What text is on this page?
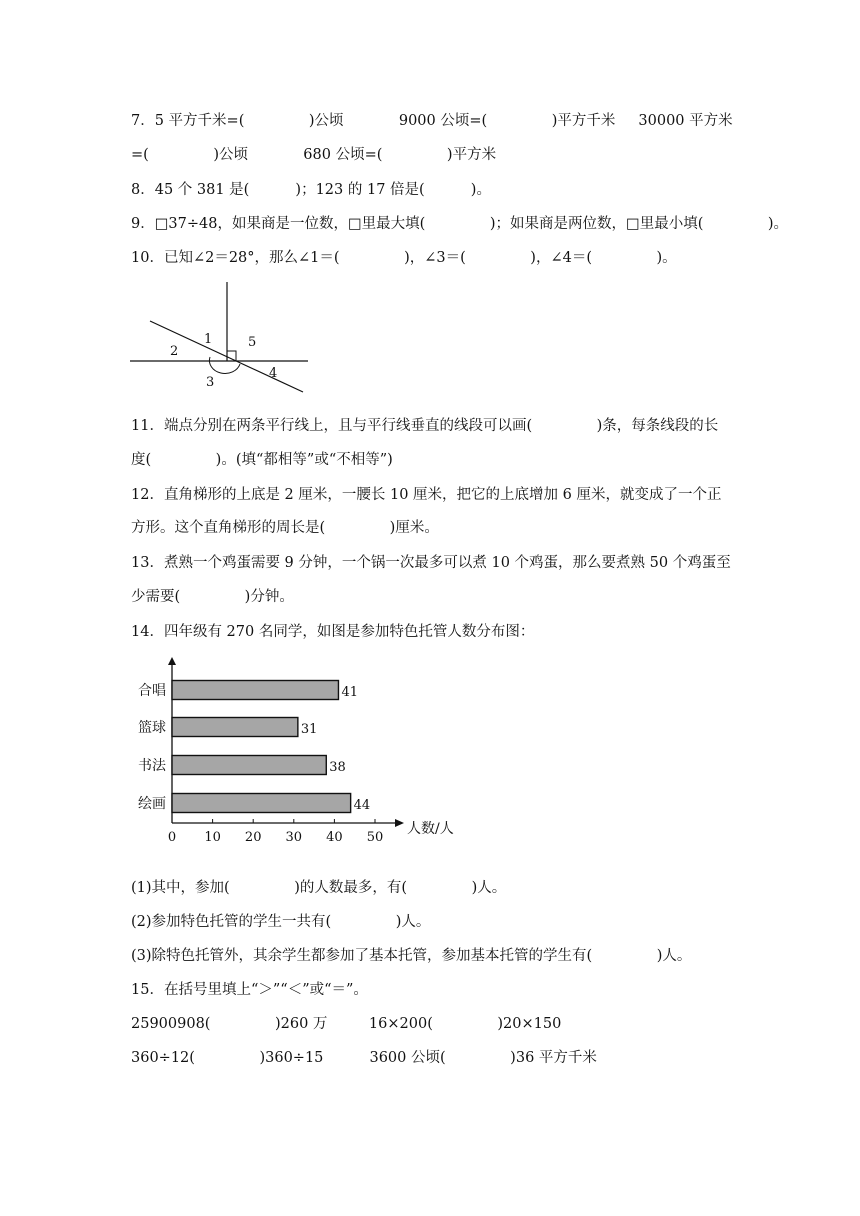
7．5 平方千米=(              )公顷            9000 公顷=(              )平方千米     30000 平方米
=(              )公顷            680 公顷=(              )平方米
8．45 个 381 是(          )；123 的 17 倍是(          )。
9．□37÷48，如果商是一位数，□里最大填(              )；如果商是两位数，□里最小填(              )。
10．已知∠2＝28°，那么∠1＝(              )，∠3＝(              )，∠4＝(              )。
1
2
3
4
5
11．端点分别在两条平行线上，且与平行线垂直的线段可以画(              )条，每条线段的长
度(              )。(填“都相等”或“不相等”)
12．直角梯形的上底是 2 厘米，一腰长 10 厘米，把它的上底增加 6 厘米，就变成了一个正
方形。这个直角梯形的周长是(              )厘米。
13．煮熟一个鸡蛋需要 9 分钟，一个锅一次最多可以煮 10 个鸡蛋，那么要煮熟 50 个鸡蛋至
少需要(              )分钟。
14．四年级有 270 名同学，如图是参加特色托管人数分布图：
0 10 20 30 40 50
人数/人
合唱	41
篮球	31
书法	38
绘画	44
(1)其中，参加(              )的人数最多，有(              )人。
(2)参加特色托管的学生一共有(              )人。
(3)除特色托管外，其余学生都参加了基本托管，参加基本托管的学生有(              )人。
15．在括号里填上“＞”“＜”或“＝”。
25900908(              )260 万         16×200(              )20×150
360÷12(              )360÷15          3600 公顷(              )36 平方千米
